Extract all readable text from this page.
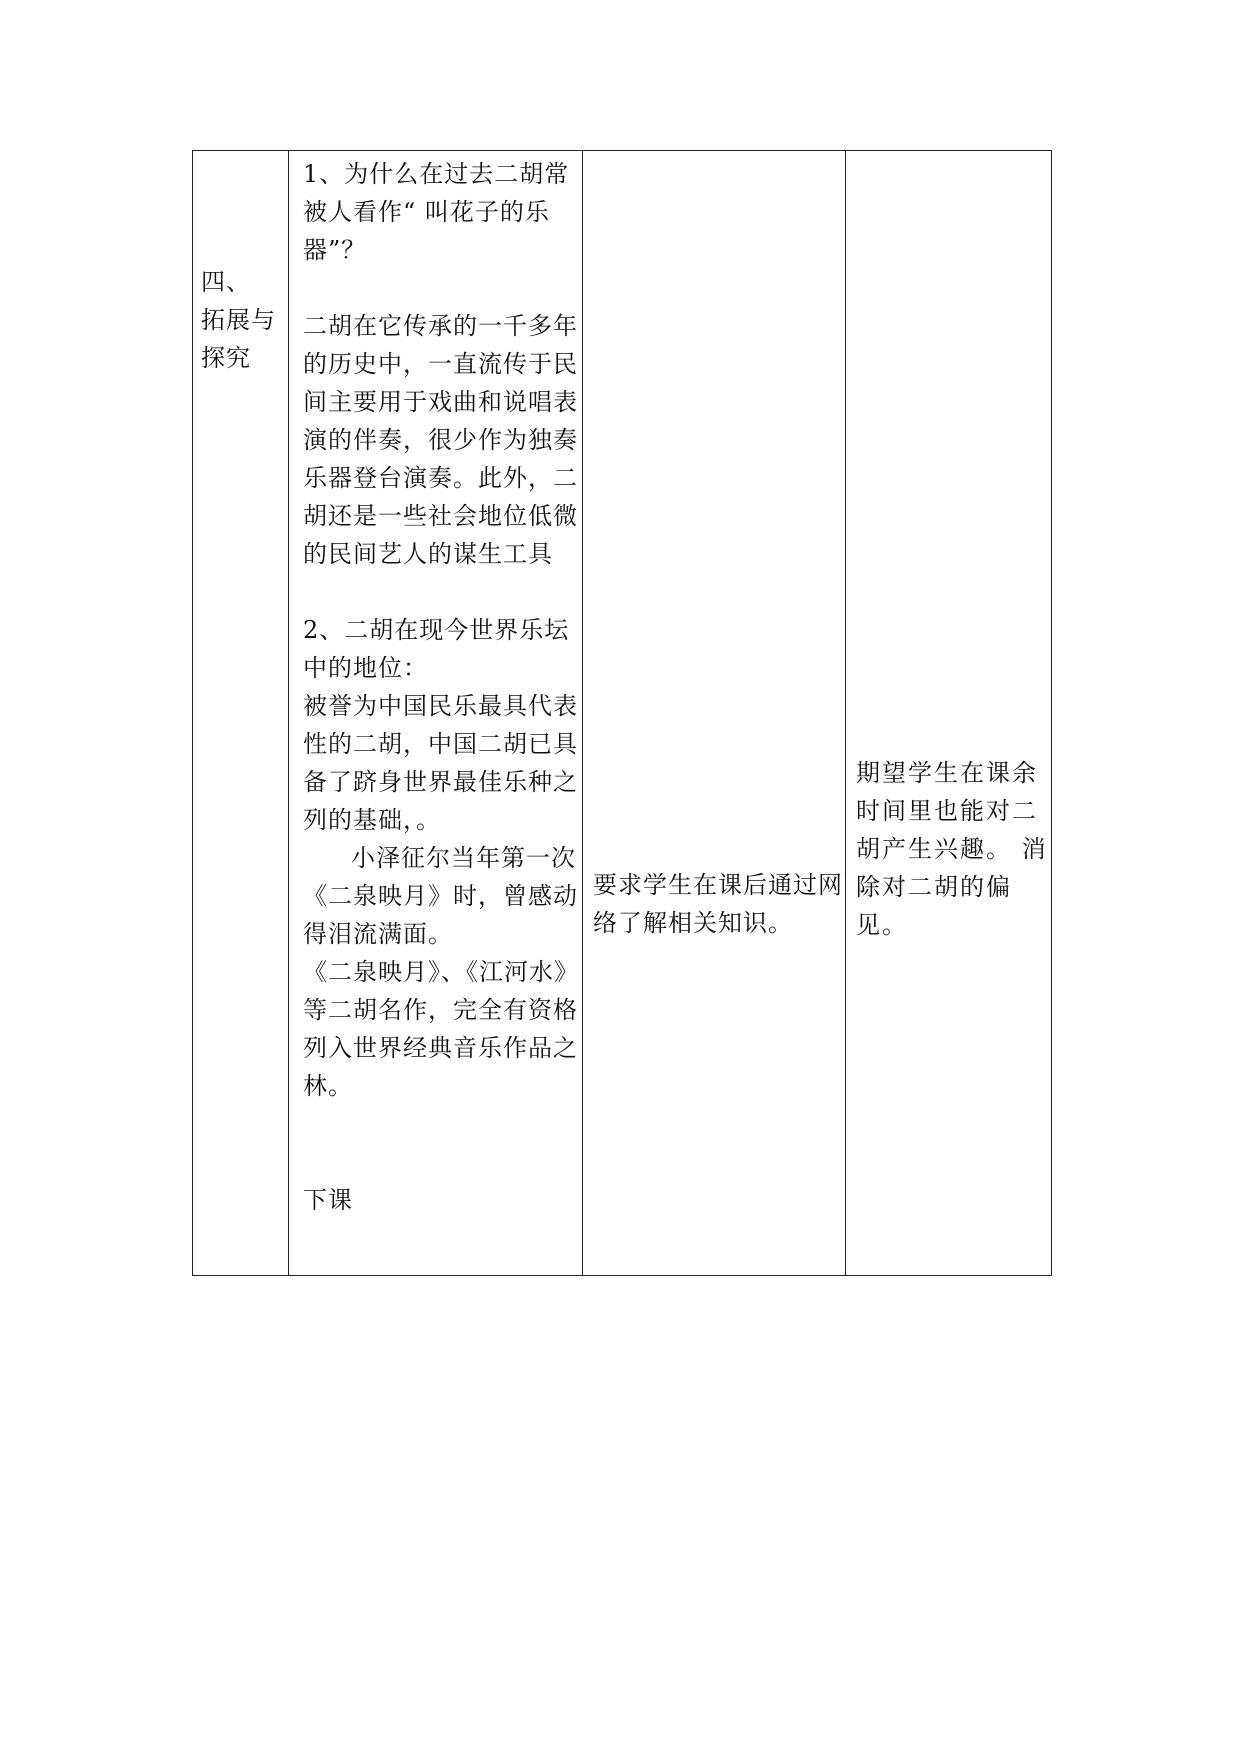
四、

拓展与

探究

1、为什么在过去二胡常被人看作“ 叫花子的乐器”？

二胡在它传承的一千多年的历史中，一直流传于民间主要用于戏曲和说唱表演的伴奏，很少作为独奏乐器登台演奏。此外，二胡还是一些社会地位低微的民间艺人的谋生工具

2、二胡在现今世界乐坛中的地位：

被誉为中国民乐最具代表性的二胡，中国二胡已具备了跻身世界最佳乐种之列的基础，。

小泽征尔当年第一次《二泉映月》时，曾感动得泪流满面。

《二泉映月》、《江河水》等二胡名作，完全有资格列入世界经典音乐作品之林。

下课

要求学生在课后通过网络了解相关知识。

期望学生在课余时间里也能对二胡产生兴趣。 消除对二胡的偏见。
